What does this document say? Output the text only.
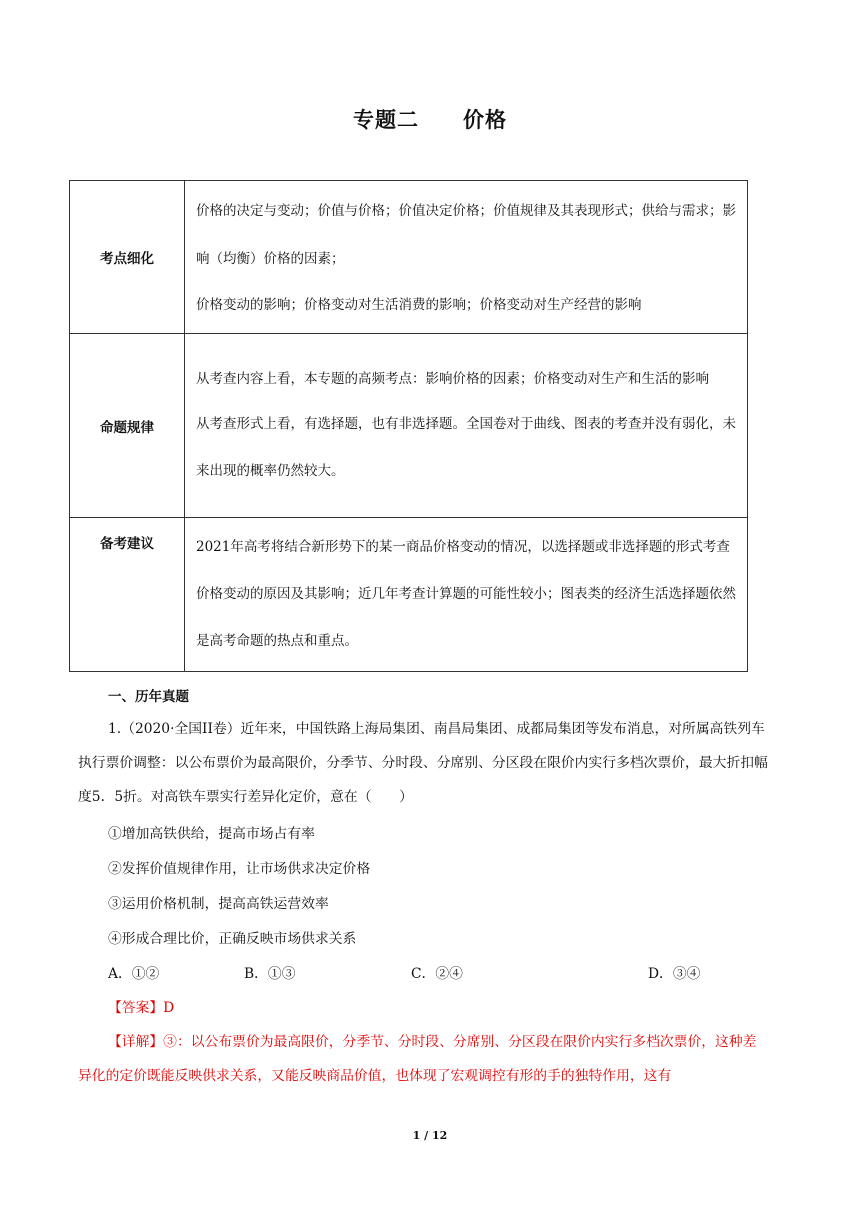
专题二 价格
考点细化	价格的决定与变动；价值与价格；价值决定价格；价值规律及其表现形式；供给与需求；影响（均衡）价格的因素；

价格变动的影响；价格变动对生活消费的影响；价格变动对生产经营的影响

命题规律	从考查内容上看，本专题的高频考点：影响价格的因素；价格变动对生产和生活的影响

从考查形式上看，有选择题，也有非选择题。全国卷对于曲线、图表的考查并没有弱化，未来出现的概率仍然较大。

备考建议	2021年高考将结合新形势下的某一商品价格变动的情况，以选择题或非选择题的形式考查价格变动的原因及其影响；近几年考查计算题的可能性较小；图表类的经济生活选择题依然是高考命题的热点和重点。

一、历年真题
1.（2020·全国II卷）近年来，中国铁路上海局集团、南昌局集团、成都局集团等发布消息，对所属高铁列车执行票价调整：以公布票价为最高限价，分季节、分时段、分席别、分区段在限价内实行多档次票价，最大折扣幅度5．5折。对高铁车票实行差异化定价，意在（　　）
①增加高铁供给，提高市场占有率
②发挥价值规律作用，让市场供求决定价格
③运用价格机制，提高高铁运营效率
④形成合理比价，正确反映市场供求关系
A．①②	B．①③	C．②④	D．③④
【答案】D
【详解】③：以公布票价为最高限价，分季节、分时段、分席别、分区段在限价内实行多档次票价，这种差异化的定价既能反映供求关系，又能反映商品价值，也体现了宏观调控有形的手的独特作用，这有
1 / 12
